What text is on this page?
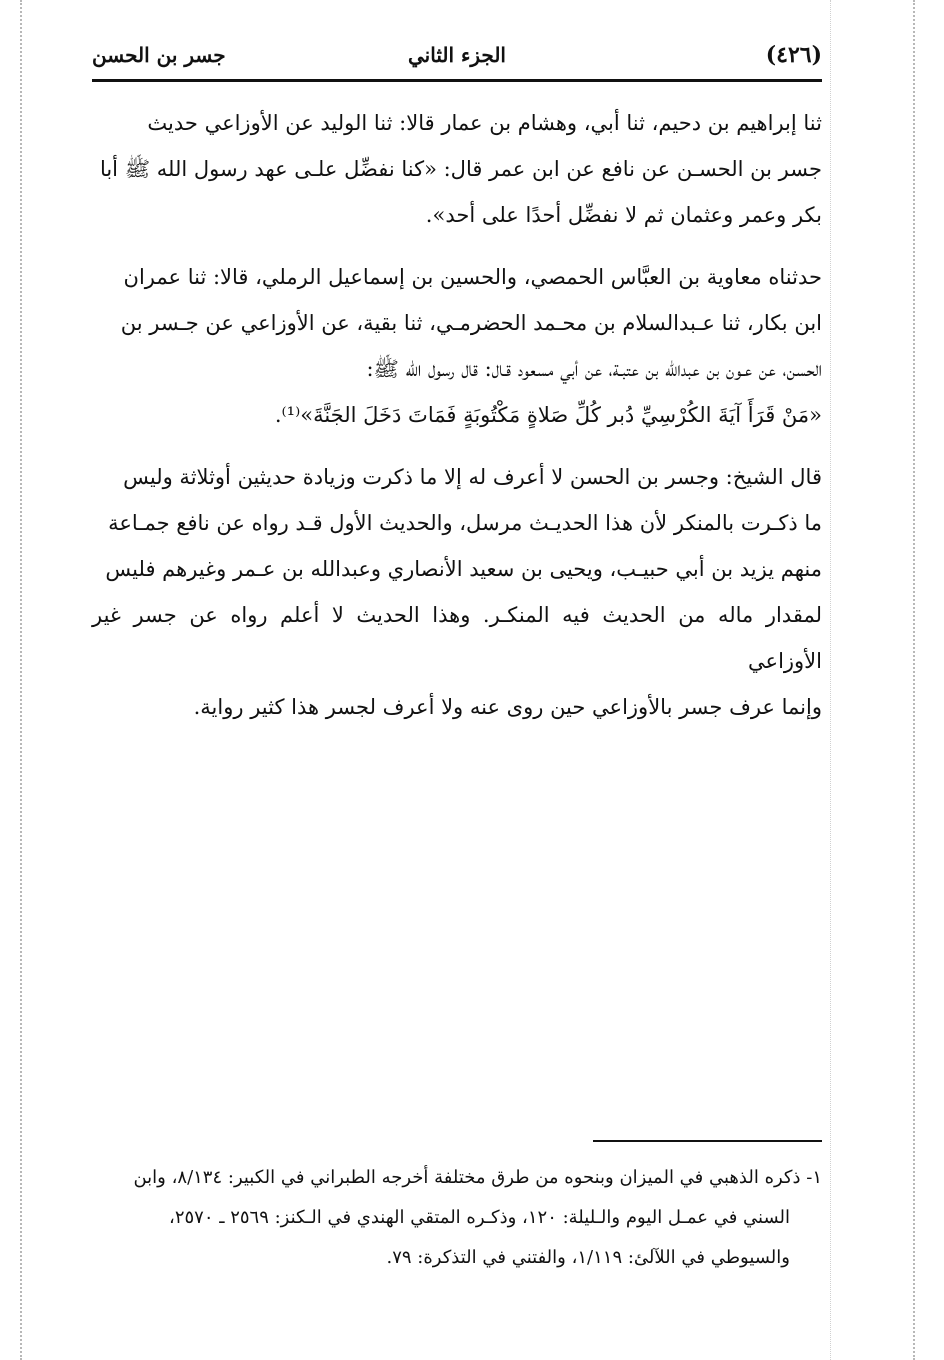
(٤٢٦)
الجزء الثاني
جسر بن الحسن

ثنا إبراهيم بن دحيم، ثنا أبي، وهشام بن عمار قالا: ثنا الوليد عن الأوزاعي حديث
جسر بن الحسـن عن نافع عن ابن عمر قال: «كنا نفضِّل علـى عهد رسول الله ﷺ أبا
بكر وعمر وعثمان ثم لا نفضِّل أحدًا على أحد».

حدثناه معاوية بن العبَّاس الحمصي، والحسين بن إسماعيل الرملي، قالا: ثنا عمران
ابن بكار، ثنا عـبدالسلام بن محـمد الحضرمـي، ثنا بقية، عن الأوزاعي عن جـسر بن
الحسن، عن عـون بن عبدالله بن عتبـة، عن أبي مسعود قـال: قال رسول الله ﷺ:
«مَنْ قَرَأَ آيَةَ الكُرْسِيِّ دُبر كُلِّ صَلاةٍ مَكْتُوبَةٍ فَمَاتَ دَخَلَ الجَنَّةَ»⁽¹⁾.

قال الشيخ: وجسر بن الحسن لا أعرف له إلا ما ذكرت وزيادة حديثين أوثلاثة وليس
ما ذكـرت بالمنكر لأن هذا الحديـث مرسل، والحديث الأول قـد رواه عن نافع جمـاعة
منهم يزيد بن أبي حبيـب، ويحيى بن سعيد الأنصاري وعبدالله بن عـمر وغيرهم فليس
لمقدار ماله من الحديث فيه المنكـر. وهذا الحديث لا أعلم رواه عن جسر غير الأوزاعي
وإنما عرف جسر بالأوزاعي حين روى عنه ولا أعرف لجسر هذا كثير رواية.

١- ذكره الذهبي في الميزان وبنحوه من طرق مختلفة أخرجه الطبراني في الكبير: ٨/١٣٤، وابن
السني في عمـل اليوم والـليلة: ١٢٠، وذكـره المتقي الهندي في الـكنز: ٢٥٦٩ ـ ٢٥٧٠،
والسيوطي في اللآلئ: ١/١١٩، والفتني في التذكرة: ٧٩.
